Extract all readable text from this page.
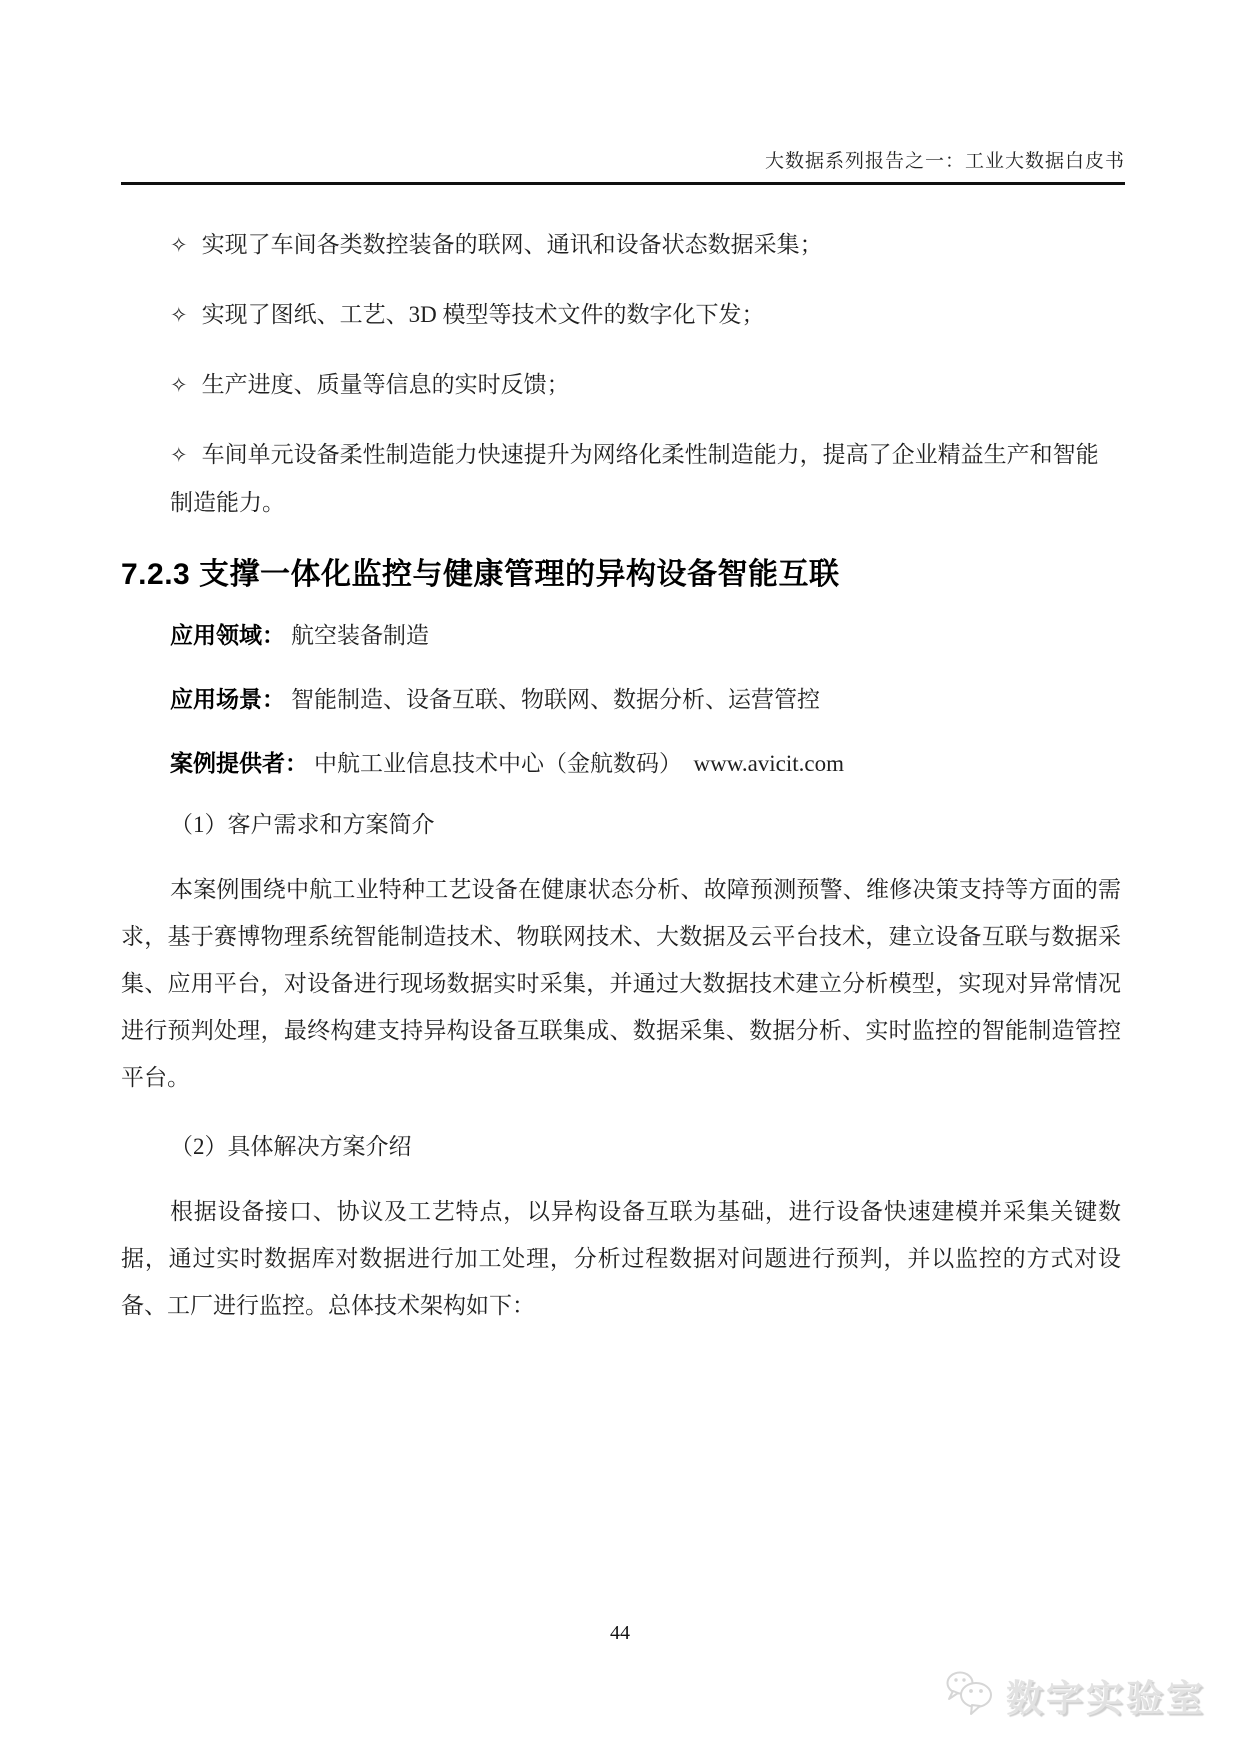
大数据系列报告之一：工业大数据白皮书
✧ 实现了车间各类数控装备的联网、通讯和设备状态数据采集；
✧ 实现了图纸、工艺、3D 模型等技术文件的数字化下发；
✧ 生产进度、质量等信息的实时反馈；
✧ 车间单元设备柔性制造能力快速提升为网络化柔性制造能力，提高了企业精益生产和智能制造能力。
7.2.3 支撑一体化监控与健康管理的异构设备智能互联
应用领域： 航空装备制造
应用场景： 智能制造、设备互联、物联网、数据分析、运营管控
案例提供者： 中航工业信息技术中心（金航数码）　www.avicit.com
（1）客户需求和方案简介

本案例围绕中航工业特种工艺设备在健康状态分析、故障预测预警、维修决策支持等方面的需求，基于赛博物理系统智能制造技术、物联网技术、大数据及云平台技术，建立设备互联与数据采集、应用平台，对设备进行现场数据实时采集，并通过大数据技术建立分析模型，实现对异常情况进行预判处理，最终构建支持异构设备互联集成、数据采集、数据分析、实时监控的智能制造管控平台。

（2）具体解决方案介绍

根据设备接口、协议及工艺特点，以异构设备互联为基础，进行设备快速建模并采集关键数据，通过实时数据库对数据进行加工处理，分析过程数据对问题进行预判，并以监控的方式对设备、工厂进行监控。总体技术架构如下：

44
数字实验室
